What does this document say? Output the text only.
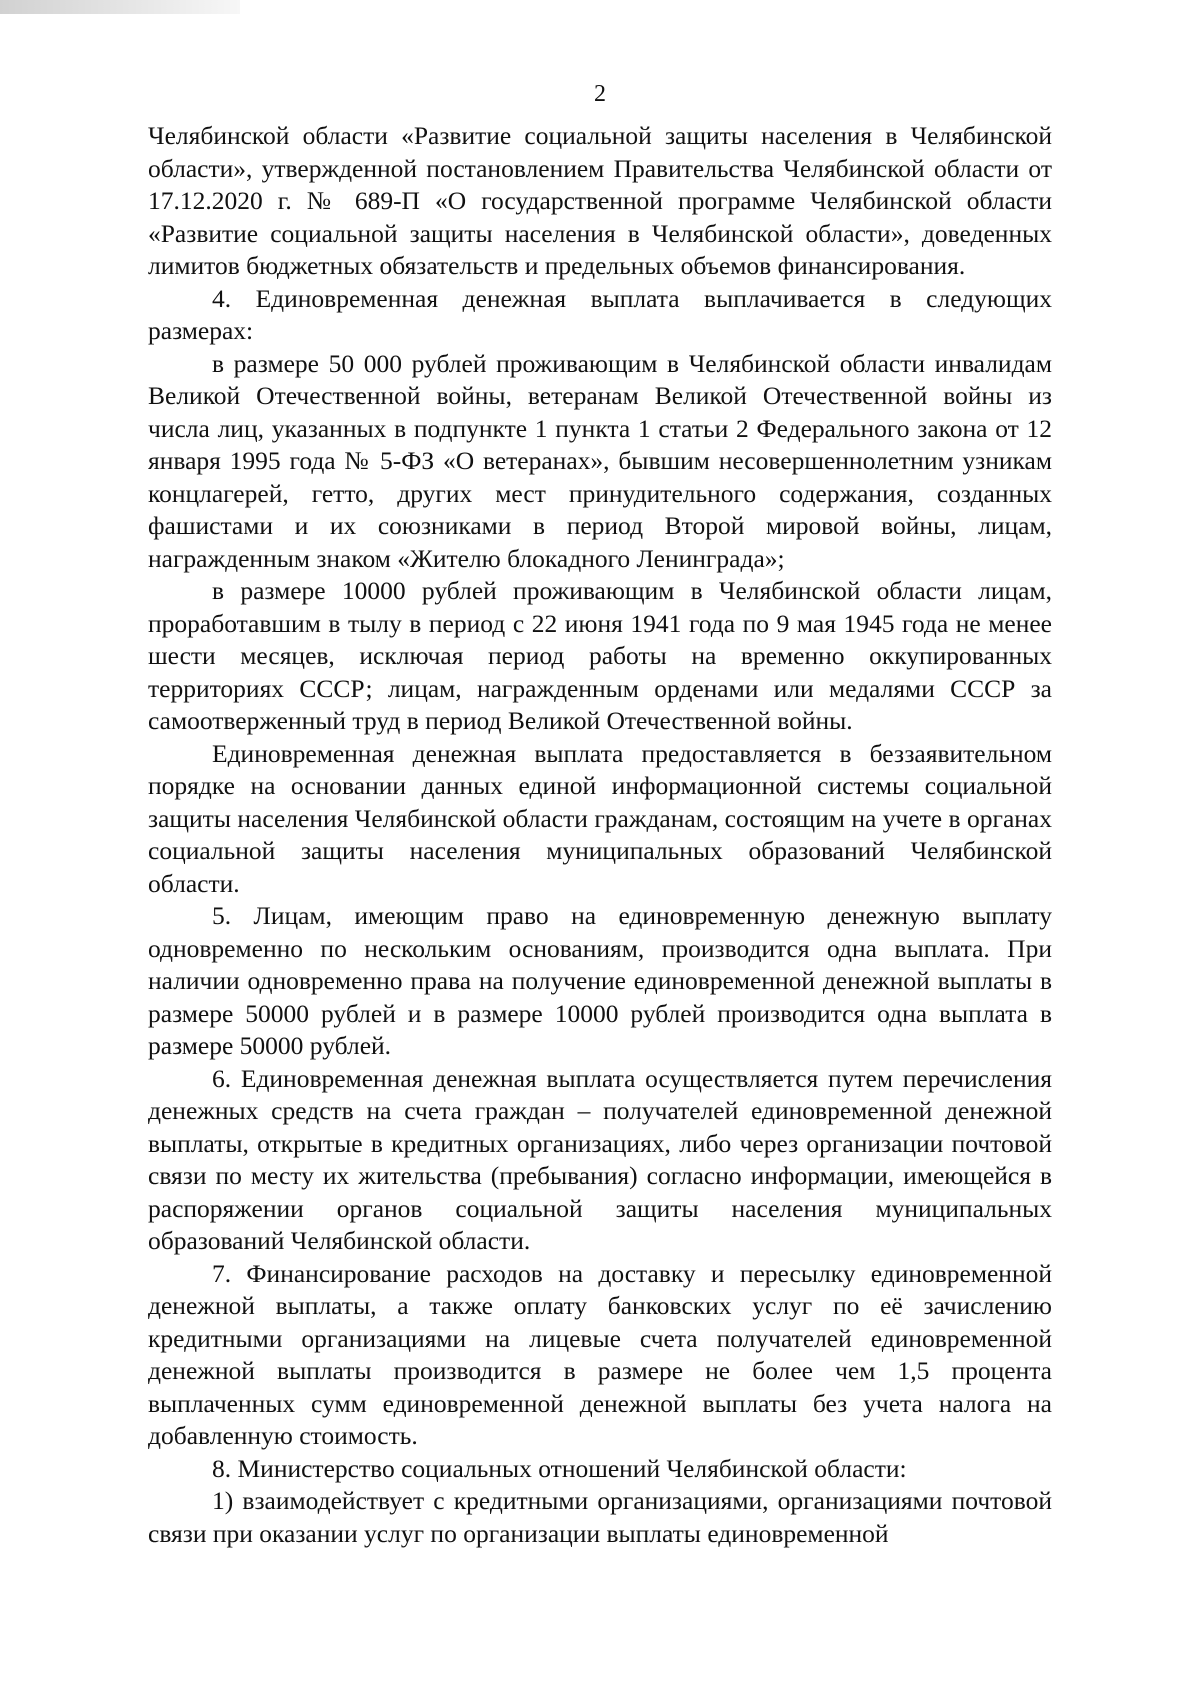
2

Челябинской области «Развитие социальной защиты населения в Челябинской области», утвержденной постановлением Правительства Челябинской области от 17.12.2020 г. № 689-П «О государственной программе Челябинской области «Развитие социальной защиты населения в Челябинской области», доведенных лимитов бюджетных обязательств и предельных объемов финансирования.

4. Единовременная денежная выплата выплачивается в следующих размерах:

в размере 50 000 рублей проживающим в Челябинской области инвалидам Великой Отечественной войны, ветеранам Великой Отечественной войны из числа лиц, указанных в подпункте 1 пункта 1 статьи 2 Федерального закона от 12 января 1995 года № 5-ФЗ «О ветеранах», бывшим несовершеннолетним узникам концлагерей, гетто, других мест принудительного содержания, созданных фашистами и их союзниками в период Второй мировой войны, лицам, награжденным знаком «Жителю блокадного Ленинграда»;

в размере 10000 рублей проживающим в Челябинской области лицам, проработавшим в тылу в период с 22 июня 1941 года по 9 мая 1945 года не менее шести месяцев, исключая период работы на временно оккупированных территориях СССР; лицам, награжденным орденами или медалями СССР за самоотверженный труд в период Великой Отечественной войны.

Единовременная денежная выплата предоставляется в беззаявительном порядке на основании данных единой информационной системы социальной защиты населения Челябинской области гражданам, состоящим на учете в органах социальной защиты населения муниципальных образований Челябинской области.

5. Лицам, имеющим право на единовременную денежную выплату одновременно по нескольким основаниям, производится одна выплата. При наличии одновременно права на получение единовременной денежной выплаты в размере 50000 рублей и в размере 10000 рублей производится одна выплата в размере 50000 рублей.

6. Единовременная денежная выплата осуществляется путем перечисления денежных средств на счета граждан – получателей единовременной денежной выплаты, открытые в кредитных организациях, либо через организации почтовой связи по месту их жительства (пребывания) согласно информации, имеющейся в распоряжении органов социальной защиты населения муниципальных образований Челябинской области.

7. Финансирование расходов на доставку и пересылку единовременной денежной выплаты, а также оплату банковских услуг по её зачислению кредитными организациями на лицевые счета получателей единовременной денежной выплаты производится в размере не более чем 1,5 процента выплаченных сумм единовременной денежной выплаты без учета налога на добавленную стоимость.

8. Министерство социальных отношений Челябинской области:

1) взаимодействует с кредитными организациями, организациями почтовой связи при оказании услуг по организации выплаты единовременной
